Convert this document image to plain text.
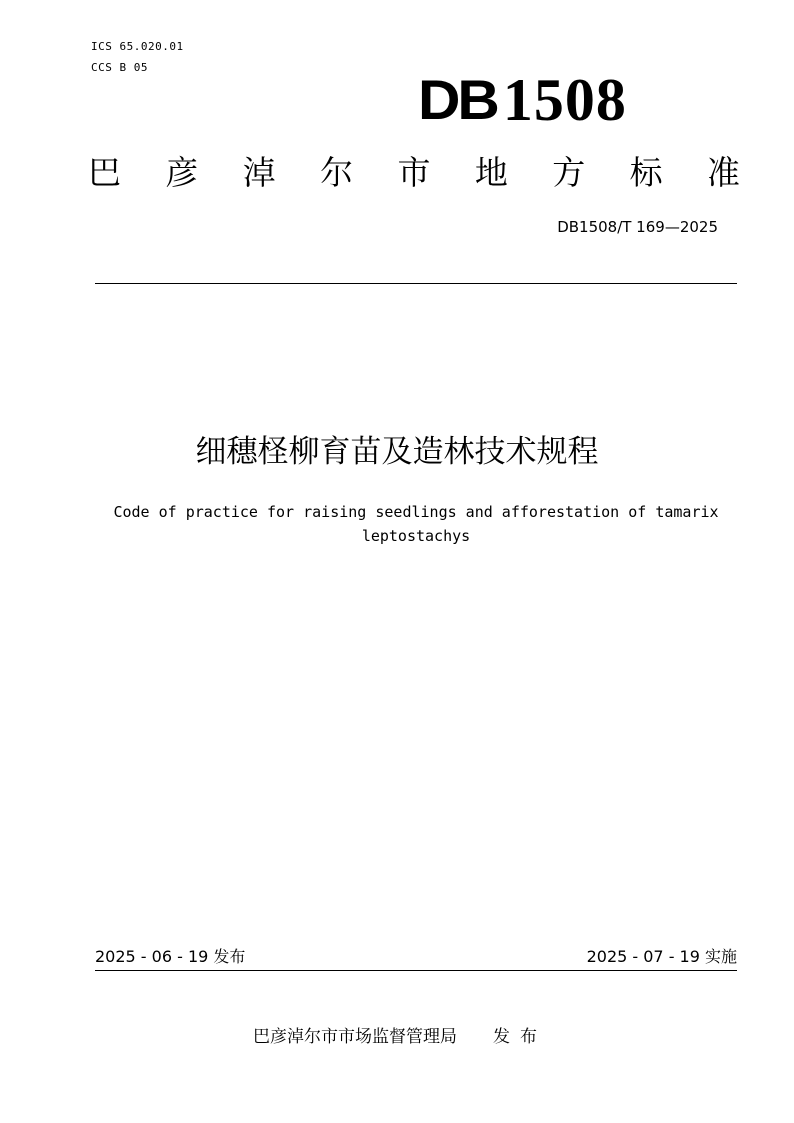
ICS 65.020.01
CCS B 05
DB 1508
巴 彦 淖 尔 市 地 方 标 准
DB1508/T 169—2025
细穗柽柳育苗及造林技术规程
Code of practice for raising seedlings and afforestation of tamarix
leptostachys
2025 - 06 - 19 发布	2025 - 07 - 19 实施
巴彦淖尔市市场监督管理局 发布
